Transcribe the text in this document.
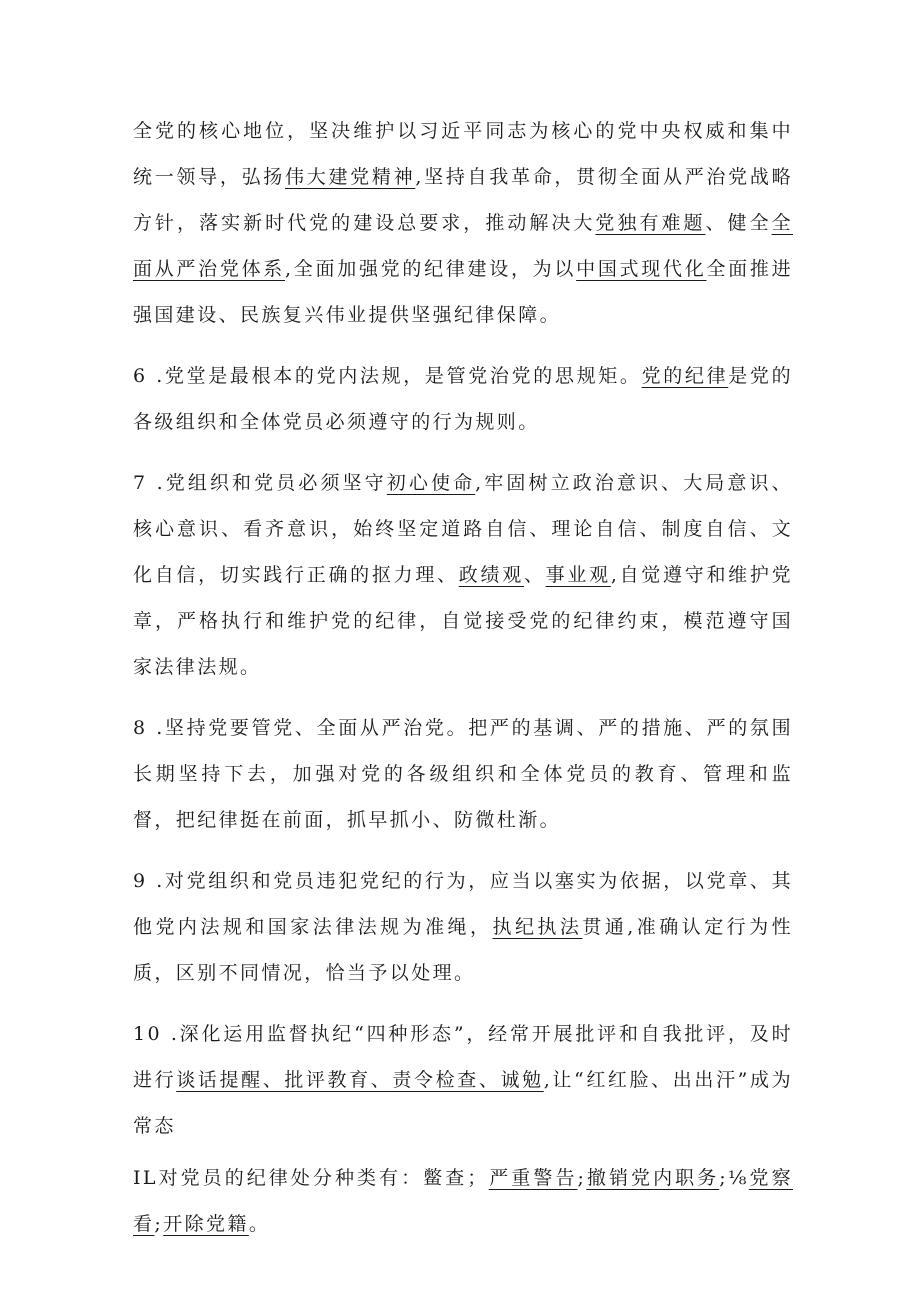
全党的核心地位，坚决维护以习近平同志为核心的党中央权威和集中统一领导，弘扬伟大建党精神,坚持自我革命，贯彻全面从严治党战略方针，落实新时代党的建设总要求，推动解决大党独有难题、健全全面从严治党体系,全面加强党的纪律建设，为以中国式现代化全面推进强国建设、民族复兴伟业提供坚强纪律保障。

6 .党堂是最根本的党内法规，是管党治党的思规矩。党的纪律是党的各级组织和全体党员必须遵守的行为规则。

7 .党组织和党员必须坚守初心使命,牢固树立政治意识、大局意识、核心意识、看齐意识，始终坚定道路自信、理论自信、制度自信、文化自信，切实践行正确的抠力理、政绩观、事业观,自觉遵守和维护党章，严格执行和维护党的纪律，自觉接受党的纪律约束，模范遵守国家法律法规。

8 .坚持党要管党、全面从严治党。把严的基调、严的措施、严的氛围长期坚持下去，加强对党的各级组织和全体党员的教育、管理和监督，把纪律挺在前面，抓早抓小、防微杜渐。

9 .对党组织和党员违犯党纪的行为，应当以塞实为依据，以党章、其他党内法规和国家法律法规为准绳，执纪执法贯通,准确认定行为性质，区别不同情况，恰当予以处理。

10 .深化运用监督执纪“四种形态”，经常开展批评和自我批评，及时进行谈话提醒、批评教育、责令检查、诚勉,让“红红脸、出出汗”成为常态

IL对党员的纪律处分种类有：鳖查；严重警告;撤销党内职务;⅛党察看;开除党籍。
